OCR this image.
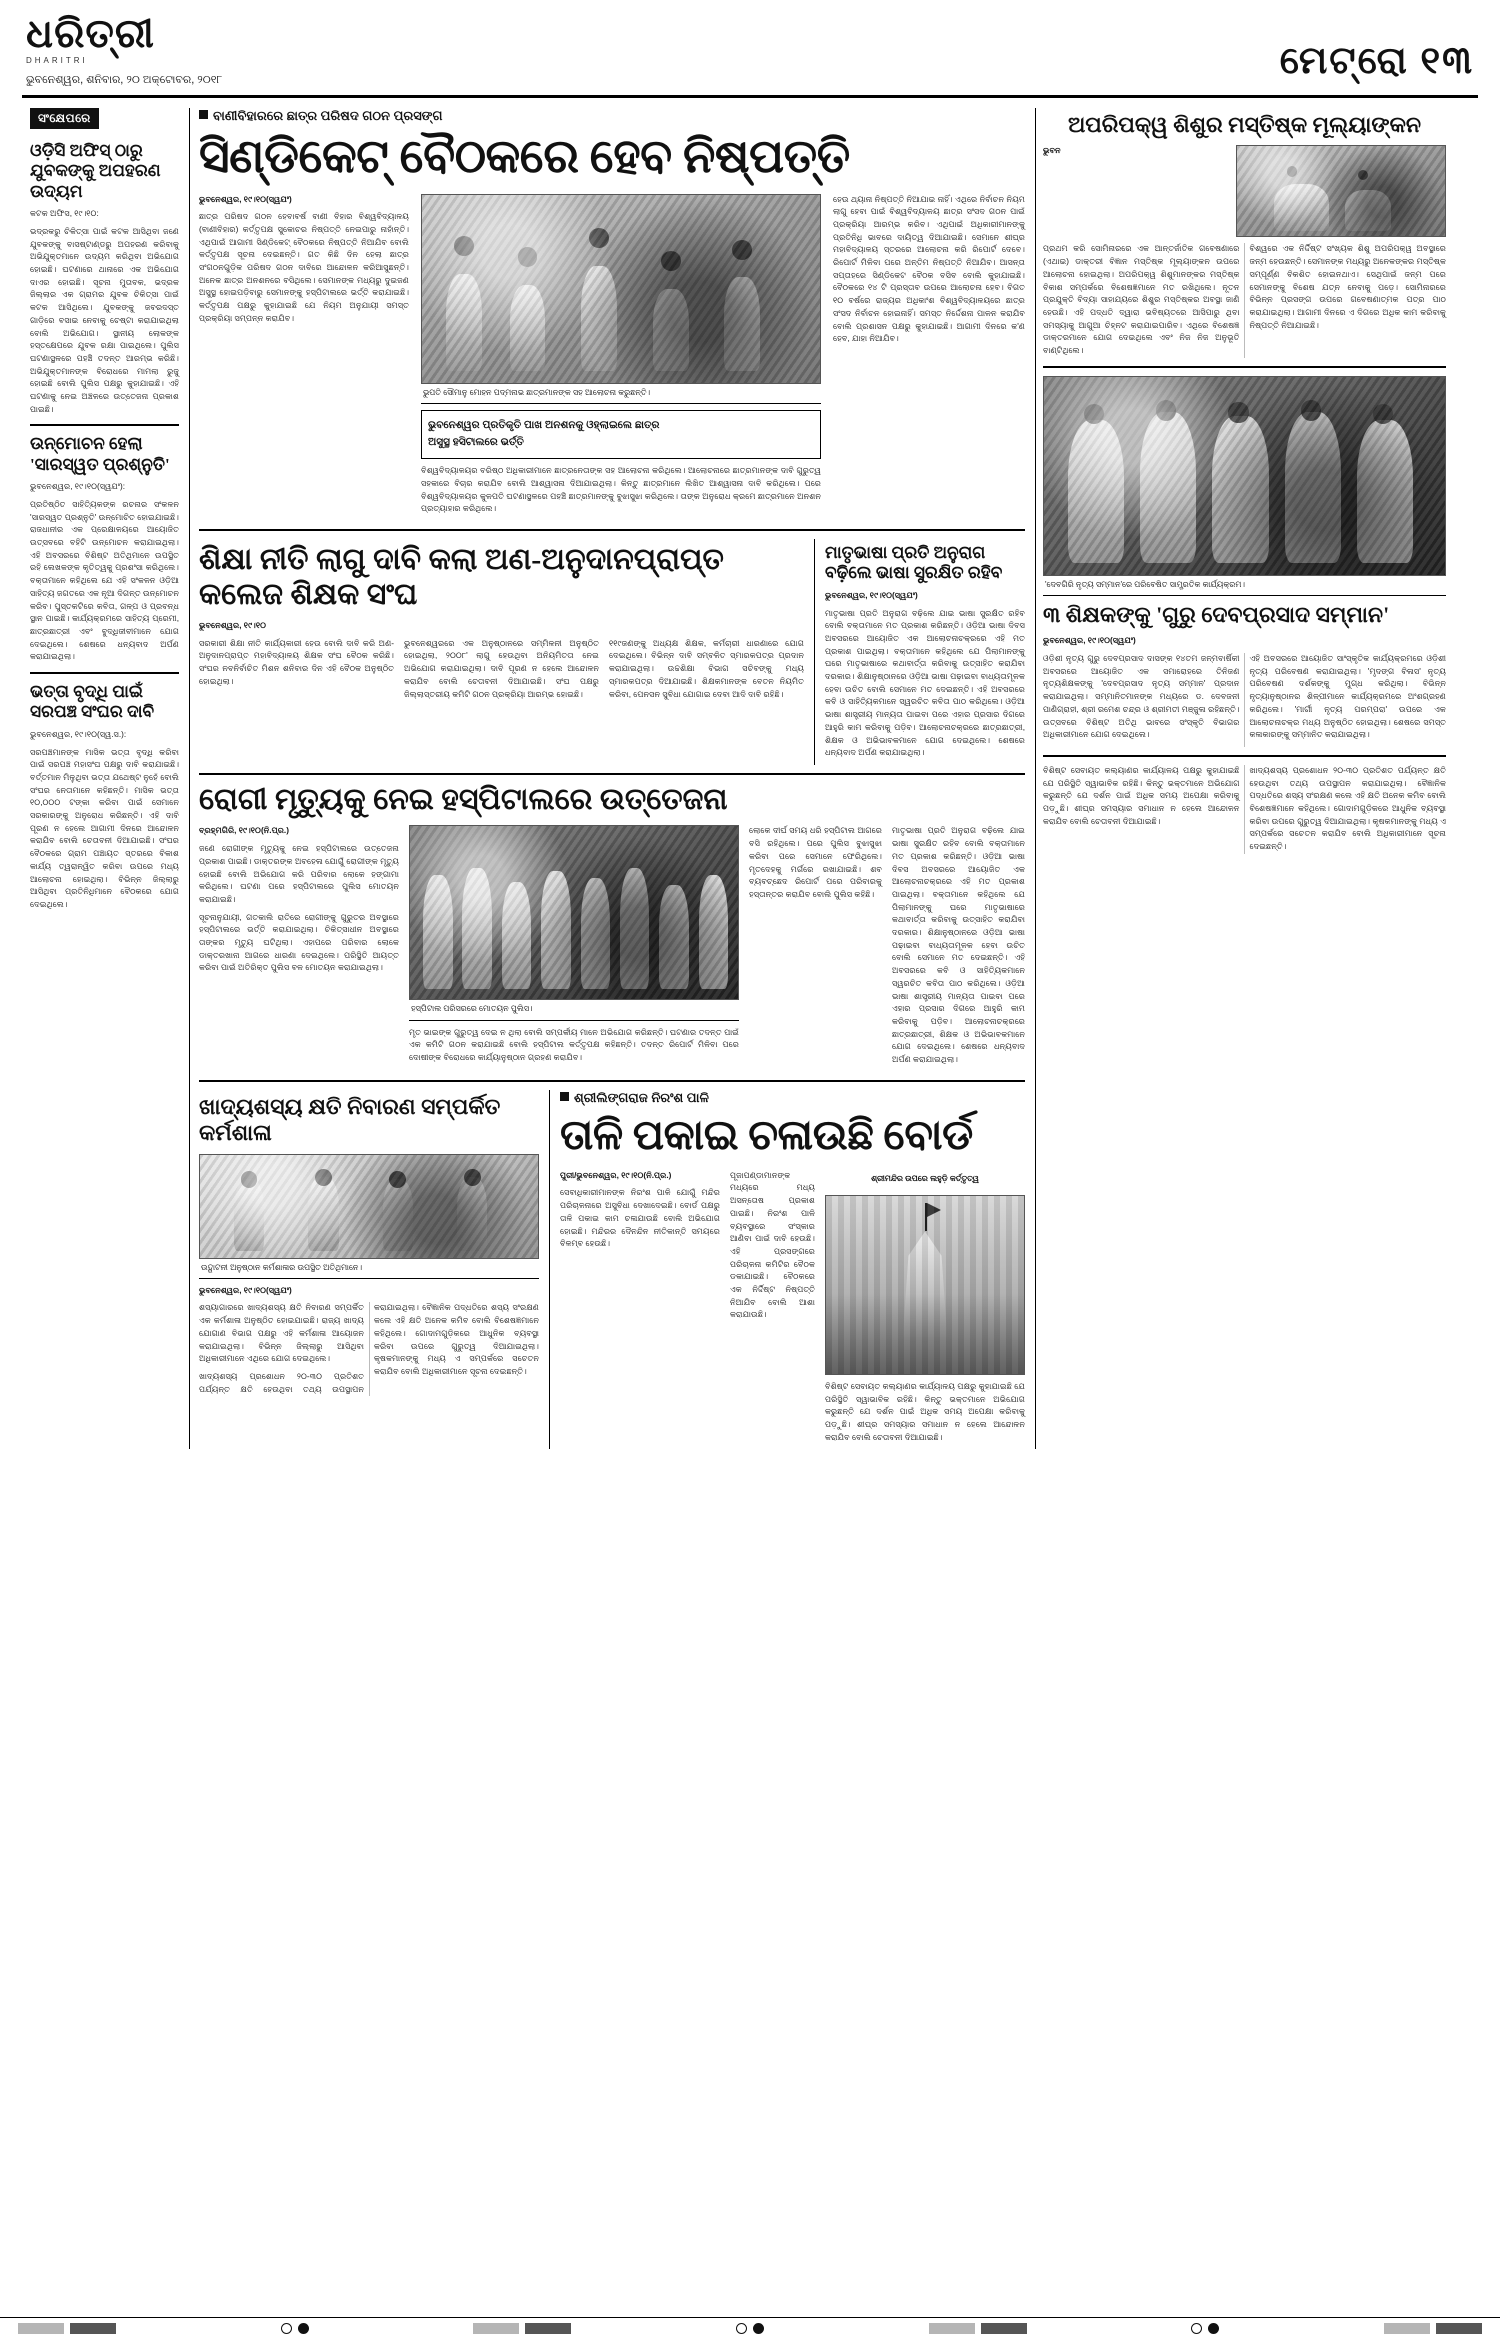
ଧରିତ୍ରୀ
DHARITRI
ଭୁବନେଶ୍ୱର, ଶନିବାର, ୨୦ ଅକ୍ଟୋବର, ୨୦୧୮	ମେଟ୍ରୋ ୧୩
ସଂକ୍ଷେପରେ
ଓଡ଼ିସି ଅଫିସ୍ ଠାରୁ ଯୁବକଙ୍କୁ ଅପହରଣ ଉଦ୍ୟମ
କଟକ ଅଫିସ, ୧୯।୧୦:
ଭଦ୍ରକରୁ ଚିକିତ୍ସା ପାଇଁ କଟକ ଆସିଥିବା ଜଣେ ଯୁବକଙ୍କୁ ବାସଷ୍ଟାଣ୍ଡରୁ ଅପହରଣ କରିବାକୁ ଅଭିଯୁକ୍ତମାନେ ଉଦ୍ୟମ କରିଥିବା ଅଭିଯୋଗ ହୋଇଛି। ଘଟଣାରେ ଥାନାରେ ଏକ ଅଭିଯୋଗ ଦାଏର ହୋଇଛି। ସୂଚନା ମୁତାବକ, ଭଦ୍ରକ ଜିଲ୍ଲାର ଏକ ଗ୍ରାମର ଯୁବକ ଚିକିତ୍ସା ପାଇଁ କଟକ ଆସିଥିଲେ। ଯୁବକଙ୍କୁ ଜବରଦସ୍ତ ଗାଡ଼ିରେ ବସାଇ ନେବାକୁ ଚେଷ୍ଟା କରାଯାଇଥିଲା ବୋଲି ଅଭିଯୋଗ। ସ୍ଥାନୀୟ ଲୋକଙ୍କ ହସ୍ତକ୍ଷେପରେ ଯୁବକ ରକ୍ଷା ପାଇଥିଲେ। ପୁଲିସ ଘଟଣାସ୍ଥଳରେ ପହଞ୍ଚି ତଦନ୍ତ ଆରମ୍ଭ କରିଛି। ଅଭିଯୁକ୍ତମାନଙ୍କ ବିରୋଧରେ ମାମଲା ରୁଜୁ ହୋଇଛି ବୋଲି ପୁଲିସ ପକ୍ଷରୁ କୁହାଯାଇଛି। ଏହି ଘଟଣାକୁ ନେଇ ଅଞ୍ଚଳରେ ଉତ୍ତେଜନା ପ୍ରକାଶ ପାଇଛି।
ଉନ୍ମୋଚନ ହେଲା 'ସାରସ୍ୱତ ପ୍ରଶ୍ନୁତି'
ଭୁବନେଶ୍ୱର, ୧୯।୧୦(ସ୍ୱଯଂ):
ପ୍ରତିଷ୍ଠିତ ସାହିତ୍ୟିକଙ୍କ ରଚନାର ସଂକଳନ 'ସାରସ୍ୱତ ପ୍ରଶ୍ନୁତି' ଉନ୍ମୋଚିତ ହୋଇଯାଇଛି। ରାଜଧାନୀର ଏକ ପ୍ରେକ୍ଷାଳୟରେ ଆୟୋଜିତ ଉତ୍ସବରେ ବହିଟି ଉନ୍ମୋଚନ କରାଯାଇଥିଲା। ଏହି ଅବସରରେ ବିଶିଷ୍ଟ ଅତିଥିମାନେ ଉପସ୍ଥିତ ରହି ଲେଖକଙ୍କ କୃତିତ୍ୱକୁ ପ୍ରଶଂସା କରିଥିଲେ। ବକ୍ତାମାନେ କହିଥିଲେ ଯେ ଏହି ସଂକଳନ ଓଡ଼ିଆ ସାହିତ୍ୟ ଜଗତରେ ଏକ ନୂଆ ଦିଗନ୍ତ ଉନ୍ମୋଚନ କରିବ। ପୁସ୍ତକଟିରେ କବିତା, ଗଳ୍ପ ଓ ପ୍ରବନ୍ଧ ସ୍ଥାନ ପାଇଛି। କାର୍ଯ୍ୟକ୍ରମରେ ସାହିତ୍ୟ ପ୍ରେମୀ, ଛାତ୍ରଛାତ୍ରୀ ଏବଂ ବୁଦ୍ଧିଜୀବୀମାନେ ଯୋଗ ଦେଇଥିଲେ। ଶେଷରେ ଧନ୍ୟବାଦ ଅର୍ପଣ କରାଯାଇଥିଲା।
ଭତ୍ତା ବୃଦ୍ଧି ପାଇଁ ସରପଞ୍ଚ ସଂଘର ଦାବି
ଭୁବନେଶ୍ୱର, ୧୯।୧୦(ସ୍ୱ.ସ.):
ସରପଞ୍ଚମାନଙ୍କ ମାସିକ ଭତ୍ତା ବୃଦ୍ଧି କରିବା ପାଇଁ ସରପଞ୍ଚ ମହାସଂଘ ପକ୍ଷରୁ ଦାବି କରାଯାଇଛି। ବର୍ତ୍ତମାନ ମିଳୁଥିବା ଭତ୍ତା ଯଥେଷ୍ଟ ନୁହେଁ ବୋଲି ସଂଘର ନେତାମାନେ କହିଛନ୍ତି। ମାସିକ ଭତ୍ତା ୧୦,୦୦୦ ଟଙ୍କା କରିବା ପାଇଁ ସେମାନେ ସରକାରଙ୍କୁ ଅନୁରୋଧ କରିଛନ୍ତି। ଏହି ଦାବି ପୂରଣ ନ ହେଲେ ଆଗାମୀ ଦିନରେ ଆନ୍ଦୋଳନ କରାଯିବ ବୋଲି ଚେତାବନୀ ଦିଆଯାଇଛି। ସଂଘର ବୈଠକରେ ଗ୍ରାମ ପଞ୍ଚାୟତ ସ୍ତରରେ ବିକାଶ କାର୍ଯ୍ୟ ତ୍ୱରାନ୍ୱିତ କରିବା ଉପରେ ମଧ୍ୟ ଆଲୋଚନା ହୋଇଥିଲା। ବିଭିନ୍ନ ଜିଲ୍ଲାରୁ ଆସିଥିବା ପ୍ରତିନିଧିମାନେ ବୈଠକରେ ଯୋଗ ଦେଇଥିଲେ।
ବାଣୀବିହାରରେ ଛାତ୍ର ପରିଷଦ ଗଠନ ପ୍ରସଙ୍ଗ
ସିଣ୍ଡିକେଟ୍ ବୈଠକରେ ହେବ ନିଷ୍ପତ୍ତି
ଭୁବନେଶ୍ୱର, ୧୯।୧୦(ସ୍ୱଯଂ)
ଛାତ୍ର ପରିଷଦ ଗଠନ ହେବାବର୍ଷ ବାଣୀ ବିହାର ବିଶ୍ୱବିଦ୍ୟାଳୟ (ବାଣୀବିହାର) କର୍ତ୍ତୃପକ୍ଷ ସୁକୋଚର ନିଷ୍ପତ୍ତି ନେଇପାରୁ ନାହାଁନ୍ତି। ଏଥିପାଇଁ ଆଗାମୀ ସିଣ୍ଡିକେଟ୍ ବୈଠକରେ ନିଷ୍ପତ୍ତି ନିଆଯିବ ବୋଲି କର୍ତ୍ତୃପକ୍ଷ ସୂଚନା ଦେଇଛନ୍ତି। ଗତ କିଛି ଦିନ ହେଲା ଛାତ୍ର ସଂଗଠନଗୁଡ଼ିକ ପରିଷଦ ଗଠନ ଦାବିରେ ଆନ୍ଦୋଳନ କରିଆସୁଛନ୍ତି। ଅନେକ ଛାତ୍ର ଅନଶନରେ ବସିଥିଲେ। ସେମାନଙ୍କ ମଧ୍ୟରୁ ଦୁଇଜଣ ଅସୁସ୍ଥ ହୋଇପଡ଼ିବାରୁ ସେମାନଙ୍କୁ ହସ୍ପିଟାଲରେ ଭର୍ତ୍ତି କରାଯାଇଛି। କର୍ତ୍ତୃପକ୍ଷ ପକ୍ଷରୁ କୁହାଯାଇଛି ଯେ ନିୟମ ଅନୁଯାୟୀ ସମସ୍ତ ପ୍ରକ୍ରିୟା ସମ୍ପନ୍ନ କରାଯିବ।
ଭୁପତି ସୌମାନୁ ମୋହନ ପଦ୍ମନାଭ ଛାତ୍ରମାନଙ୍କ ସହ ଆଲୋଚନା କରୁଛନ୍ତି।
ଭୁବନେଶ୍ୱର ପ୍ରତିକୃତି ପାଖ ଅନଶନକୁ ଓହ୍ଲାଇଲେ ଛାତ୍ର
ଅସୁସ୍ଥ ହସିଟାଲରେ ଭର୍ତ୍ତି
ବିଶ୍ୱବିଦ୍ୟାଳୟର ବରିଷ୍ଠ ଅଧିକାରୀମାନେ ଛାତ୍ରନେତାଙ୍କ ସହ ଆଲୋଚନା କରିଥିଲେ। ଆଲୋଚନାରେ ଛାତ୍ରମାନଙ୍କ ଦାବି ଗୁରୁତ୍ୱ ସହକାରେ ବିଚାର କରାଯିବ ବୋଲି ଆଶ୍ୱାସନା ଦିଆଯାଇଥିଲା। କିନ୍ତୁ ଛାତ୍ରମାନେ ଲିଖିତ ଆଶ୍ୱାସନା ଦାବି କରିଥିଲେ। ପରେ ବିଶ୍ୱବିଦ୍ୟାଳୟର କୁଳପତି ଘଟଣାସ୍ଥଳରେ ପହଞ୍ଚି ଛାତ୍ରମାନଙ୍କୁ ବୁଝାସୁଝା କରିଥିଲେ। ତାଙ୍କ ଅନୁରୋଧ କ୍ରମେ ଛାତ୍ରମାନେ ଅନଶନ ପ୍ରତ୍ୟାହାର କରିଥିଲେ।
ହେଉ ଥ୍ୟାନା ନିଷ୍ପତ୍ତି ନିଆଯାଇ ନାହିଁ। ଏଥିରେ ନିର୍ବାଚନ ନିୟମ ଲାଗୁ ହେବା ପାଇଁ ବିଶ୍ୱବିଦ୍ୟାଳୟ ଛାତ୍ର ସଂସଦ ଗଠନ ପାଇଁ ପ୍ରକ୍ରିୟା ଆରମ୍ଭ କରିବ। ଏଥିପାଇଁ ଅଧିକାରୀମାନଙ୍କୁ ପ୍ରତିନିଧି ଭାବରେ ଦାୟିତ୍ୱ ଦିଆଯାଇଛି। ସେମାନେ ଶୀଘ୍ର ମହାବିଦ୍ୟାଳୟ ସ୍ତରରେ ଆଲୋଚନା କରି ରିପୋର୍ଟ ଦେବେ। ରିପୋର୍ଟ ମିଳିବା ପରେ ଅନ୍ତିମ ନିଷ୍ପତ୍ତି ନିଆଯିବ। ଆସନ୍ତା ସପ୍ତାହରେ ସିଣ୍ଡିକେଟ ବୈଠକ ବସିବ ବୋଲି କୁହାଯାଇଛି। ବୈଠକରେ ୧୪ ଟି ପ୍ରସ୍ତାବ ଉପରେ ଆଲୋଚନା ହେବ। ବିଗତ ୧୦ ବର୍ଷରେ ରାଜ୍ୟର ଅଧିକାଂଶ ବିଶ୍ୱବିଦ୍ୟାଳୟରେ ଛାତ୍ର ସଂସଦ ନିର୍ବାଚନ ହୋଇନାହିଁ। ସମସ୍ତ ନିର୍ଦ୍ଦେଶନା ପାଳନ କରାଯିବ ବୋଲି ପ୍ରଶାସନ ପକ୍ଷରୁ କୁହାଯାଇଛି। ଆଗାମୀ ଦିନରେ କ'ଣ ହେବ, ଯାହା ନିଆଯିବ।
ଶିକ୍ଷା ନୀତି ଲାଗୁ ଦାବି କଲା ଅଣ-ଅନୁଦାନପ୍ରାପ୍ତ କଲେଜ ଶିକ୍ଷକ ସଂଘ
ଭୁବନେଶ୍ୱର, ୧୯।୧୦
ସରକାରୀ ଶିକ୍ଷା ନୀତି କାର୍ଯ୍ୟକାରୀ ହେଉ ବୋଲି ଦାବି କରି ଅଣ-ଅନୁଦାନପ୍ରାପ୍ତ ମହାବିଦ୍ୟାଳୟ ଶିକ୍ଷକ ସଂଘ ବୈଠକ କରିଛି। ସଂଘର ନବନିର୍ବାଚିତ ମିଶନ ଶନିବାର ଦିନ ଏହି ବୈଠକ ଅନୁଷ୍ଠିତ ହୋଇଥିଲା।
ଭୁବନେଶ୍ୱରରେ ଏକ ଅନୁଷ୍ଠାନରେ ସମ୍ମିଳନୀ ଅନୁଷ୍ଠିତ ହୋଇଥିଲା, ୨୦୦୮' ଲାଗୁ ହେଉଥିବା ଅନିୟମିତତା ନେଇ ଅଭିଯୋଗ କରାଯାଇଥିଲା। ଦାବି ପୂରଣ ନ ହେଲେ ଆନ୍ଦୋଳନ କରାଯିବ ବୋଲି ଚେତାବନୀ ଦିଆଯାଇଛି। ସଂଘ ପକ୍ଷରୁ ଜିଲ୍ଲାସ୍ତରୀୟ କମିଟି ଗଠନ ପ୍ରକ୍ରିୟା ଆରମ୍ଭ ହୋଇଛି।
୧୧୯ଜଣଙ୍କୁ ଅଧ୍ୟକ୍ଷ ଶିକ୍ଷକ, କର୍ମଚାରୀ ଧାରଣାରେ ଯୋଗ ଦେଇଥିଲେ। ବିଭିନ୍ନ ଦାବି ସମ୍ବଳିତ ସ୍ମାରକପତ୍ର ପ୍ରଦାନ କରାଯାଇଥିଲା। ଉଚ୍ଚଶିକ୍ଷା ବିଭାଗ ସଚିବଙ୍କୁ ମଧ୍ୟ ସ୍ମାରକପତ୍ର ଦିଆଯାଇଛି। ଶିକ୍ଷକମାନଙ୍କ ବେତନ ନିୟମିତ କରିବା, ପେନସନ ସୁବିଧା ଯୋଗାଇ ଦେବା ଆଦି ଦାବି ରହିଛି।
ମାତୃଭାଷା ପ୍ରତି ଅନୁରାଗ ବଢ଼ିଲେ ଭାଷା ସୁରକ୍ଷିତ ରହିବ
ଭୁବନେଶ୍ୱର, ୧୯।୧୦(ସ୍ୱଯଂ)
ମାତୃଭାଷା ପ୍ରତି ଅନୁରାଗ ବଢ଼ିଲେ ଯାଇ ଭାଷା ସୁରକ୍ଷିତ ରହିବ ବୋଲି ବକ୍ତାମାନେ ମତ ପ୍ରକାଶ କରିଛନ୍ତି। ଓଡ଼ିଆ ଭାଷା ଦିବସ ଅବସରରେ ଆୟୋଜିତ ଏକ ଆଲୋଚନାଚକ୍ରରେ ଏହି ମତ ପ୍ରକାଶ ପାଇଥିଲା। ବକ୍ତାମାନେ କହିଥିଲେ ଯେ ପିଲାମାନଙ୍କୁ ଘରେ ମାତୃଭାଷାରେ କଥାବାର୍ତ୍ତା କରିବାକୁ ଉତ୍ସାହିତ କରାଯିବା ଦରକାର। ଶିକ୍ଷାନୁଷ୍ଠାନରେ ଓଡ଼ିଆ ଭାଷା ପଢ଼ାଇବା ବାଧ୍ୟତାମୂଳକ ହେବା ଉଚିତ ବୋଲି ସେମାନେ ମତ ଦେଇଛନ୍ତି। ଏହି ଅବସରରେ କବି ଓ ସାହିତ୍ୟିକମାନେ ସ୍ୱରଚିତ କବିତା ପାଠ କରିଥିଲେ। ଓଡ଼ିଆ ଭାଷା ଶାସ୍ତ୍ରୀୟ ମାନ୍ୟତା ପାଇବା ପରେ ଏହାର ପ୍ରସାର ଦିଗରେ ଆହୁରି କାମ କରିବାକୁ ପଡ଼ିବ। ଆଲୋଚନାଚକ୍ରରେ ଛାତ୍ରଛାତ୍ରୀ, ଶିକ୍ଷକ ଓ ଅଭିଭାବକମାନେ ଯୋଗ ଦେଇଥିଲେ। ଶେଷରେ ଧନ୍ୟବାଦ ଅର୍ପଣ କରାଯାଇଥିଲା।
ରୋଗୀ ମୃତ୍ୟୁକୁ ନେଇ ହସ୍ପିଟାଲରେ ଉତ୍ତେଜନା
ବ୍ରହ୍ମଗିରି, ୧୯।୧୦(ନି.ପ୍ର.)
ଜଣେ ରୋଗୀଙ୍କ ମୃତ୍ୟୁକୁ ନେଇ ହସ୍ପିଟାଲରେ ଉତ୍ତେଜନା ପ୍ରକାଶ ପାଇଛି। ଡାକ୍ତରଙ୍କ ଅବହେଳା ଯୋଗୁଁ ରୋଗୀଙ୍କ ମୃତ୍ୟୁ ହୋଇଛି ବୋଲି ଅଭିଯୋଗ କରି ପରିବାର ଲୋକେ ହଙ୍ଗାମା କରିଥିଲେ। ଘଟଣା ପରେ ହସ୍ପିଟାଲରେ ପୁଲିସ ମୋତୟନ କରାଯାଇଛି।
ସୂଚନାନୁଯାୟୀ, ଗତକାଲି ରାତିରେ ରୋଗୀଙ୍କୁ ଗୁରୁତର ଅବସ୍ଥାରେ ହସ୍ପିଟାଲରେ ଭର୍ତ୍ତି କରାଯାଇଥିଲା। ଚିକିତ୍ସାଧୀନ ଅବସ୍ଥାରେ ତାଙ୍କର ମୃତ୍ୟୁ ଘଟିଥିଲା। ଏହାପରେ ପରିବାର ଲୋକେ ଡାକ୍ତରଖାନା ଆଗରେ ଧାରଣା ଦେଇଥିଲେ। ପରିସ୍ଥିତି ଆୟତ୍ତ କରିବା ପାଇଁ ଅତିରିକ୍ତ ପୁଲିସ ବଳ ମୋତୟନ କରାଯାଇଥିଲା।
ହସ୍ପିଟାଲ ପରିସରରେ ମୋତୟନ ପୁଲିସ।
ମୃତ ଭାଇଙ୍କ ଗୁରୁତ୍ୱ ଦେଇ ନ ଥିଲା ବୋଲି ସମ୍ପର୍କୀୟ ମାନେ ଅଭିଯୋଗ କରିଛନ୍ତି। ଘଟଣାର ତଦନ୍ତ ପାଇଁ ଏକ କମିଟି ଗଠନ କରାଯାଇଛି ବୋଲି ହସ୍ପିଟାଲ କର୍ତ୍ତୃପକ୍ଷ କହିଛନ୍ତି। ତଦନ୍ତ ରିପୋର୍ଟ ମିଳିବା ପରେ ଦୋଷୀଙ୍କ ବିରୋଧରେ କାର୍ଯ୍ୟାନୁଷ୍ଠାନ ଗ୍ରହଣ କରାଯିବ।
ଲୋକେ ଦୀର୍ଘ ସମୟ ଧରି ହସ୍ପିଟାଲ ଆଗରେ ବସି ରହିଥିଲେ। ପରେ ପୁଲିସ ବୁଝାସୁଝା କରିବା ପରେ ସେମାନେ ଫେରିଥିଲେ। ମୃତଦେହକୁ ମର୍ଗରେ ରଖାଯାଇଛି। ଶବ ବ୍ୟବଚ୍ଛେଦ ରିପୋର୍ଟ ପରେ ପରିବାରକୁ ହସ୍ତାନ୍ତର କରାଯିବ ବୋଲି ପୁଲିସ କହିଛି।
ମାତୃଭାଷା ପ୍ରତି ଅନୁରାଗ ବଢ଼ିଲେ ଯାଇ ଭାଷା ସୁରକ୍ଷିତ ରହିବ ବୋଲି ବକ୍ତାମାନେ ମତ ପ୍ରକାଶ କରିଛନ୍ତି। ଓଡ଼ିଆ ଭାଷା ଦିବସ ଅବସରରେ ଆୟୋଜିତ ଏକ ଆଲୋଚନାଚକ୍ରରେ ଏହି ମତ ପ୍ରକାଶ ପାଇଥିଲା। ବକ୍ତାମାନେ କହିଥିଲେ ଯେ ପିଲାମାନଙ୍କୁ ଘରେ ମାତୃଭାଷାରେ କଥାବାର୍ତ୍ତା କରିବାକୁ ଉତ୍ସାହିତ କରାଯିବା ଦରକାର। ଶିକ୍ଷାନୁଷ୍ଠାନରେ ଓଡ଼ିଆ ଭାଷା ପଢ଼ାଇବା ବାଧ୍ୟତାମୂଳକ ହେବା ଉଚିତ ବୋଲି ସେମାନେ ମତ ଦେଇଛନ୍ତି। ଏହି ଅବସରରେ କବି ଓ ସାହିତ୍ୟିକମାନେ ସ୍ୱରଚିତ କବିତା ପାଠ କରିଥିଲେ। ଓଡ଼ିଆ ଭାଷା ଶାସ୍ତ୍ରୀୟ ମାନ୍ୟତା ପାଇବା ପରେ ଏହାର ପ୍ରସାର ଦିଗରେ ଆହୁରି କାମ କରିବାକୁ ପଡ଼ିବ। ଆଲୋଚନାଚକ୍ରରେ ଛାତ୍ରଛାତ୍ରୀ, ଶିକ୍ଷକ ଓ ଅଭିଭାବକମାନେ ଯୋଗ ଦେଇଥିଲେ। ଶେଷରେ ଧନ୍ୟବାଦ ଅର୍ପଣ କରାଯାଇଥିଲା।
ଖାଦ୍ୟଶସ୍ୟ କ୍ଷତି ନିବାରଣ ସମ୍ପର୍କିତ କର୍ମଶାଳା
ଉଦ୍ଘାଟନୀ ଅନୁଷ୍ଠାନ କର୍ମଶାଳାର ଉପସ୍ଥିତ ଅତିଥିମାନେ।
ଭୁବନେଶ୍ୱର, ୧୯।୧୦(ସ୍ୱଯଂ)
ଶସ୍ୟାଗାରରେ ଖାଦ୍ୟଶସ୍ୟ କ୍ଷତି ନିବାରଣ ସମ୍ପର୍କିତ ଏକ କର୍ମଶାଳା ଅନୁଷ୍ଠିତ ହୋଇଯାଇଛି। ରାଜ୍ୟ ଖାଦ୍ୟ ଯୋଗାଣ ବିଭାଗ ପକ୍ଷରୁ ଏହି କର୍ମଶାଳା ଆୟୋଜନ କରାଯାଇଥିଲା। ବିଭିନ୍ନ ଜିଲ୍ଲାରୁ ଆସିଥିବା ଅଧିକାରୀମାନେ ଏଥିରେ ଯୋଗ ଦେଇଥିଲେ।
ଖାଦ୍ୟଶସ୍ୟ ପ୍ରଶୋଧନ ୨୦-୩୦ ପ୍ରତିଶତ ପର୍ଯ୍ୟନ୍ତ କ୍ଷତି ହେଉଥିବା ତଥ୍ୟ ଉପସ୍ଥାପନ କରାଯାଇଥିଲା। ବୈଜ୍ଞାନିକ ପଦ୍ଧତିରେ ଶସ୍ୟ ସଂରକ୍ଷଣ କଲେ ଏହି କ୍ଷତି ଅନେକ କମିବ ବୋଲି ବିଶେଷଜ୍ଞମାନେ କହିଥିଲେ। ଗୋଦାମଗୁଡ଼ିକରେ ଆଧୁନିକ ବ୍ୟବସ୍ଥା କରିବା ଉପରେ ଗୁରୁତ୍ୱ ଦିଆଯାଇଥିଲା। କୃଷକମାନଙ୍କୁ ମଧ୍ୟ ଏ ସମ୍ପର୍କରେ ସଚେତନ କରାଯିବ ବୋଲି ଅଧିକାରୀମାନେ ସୂଚନା ଦେଇଛନ୍ତି।
ଶ୍ରୀଲିଙ୍ଗରାଜ ନିରଂଶ ପାଳି
ତାଳି ପକାଇ ଚଳାଉଛି ବୋର୍ଡ
ପୁରୀ/ଭୁବନେଶ୍ୱର, ୧୯।୧୦(ନି.ପ୍ର.)
ସେବାଧିକାରୀମାନଙ୍କ ନିରଂଶ ପାଳି ଯୋଗୁଁ ମନ୍ଦିର ପରିଚାଳନାରେ ଅସୁବିଧା ଦେଖାଦେଇଛି। ବୋର୍ଡ ପକ୍ଷରୁ ତାଳି ପକାଇ କାମ ଚଳାଯାଉଛି ବୋଲି ଅଭିଯୋଗ ହୋଇଛି। ମନ୍ଦିରର ଦୈନନ୍ଦିନ ନୀତିକାନ୍ତି ସମୟରେ ବିଳମ୍ବ ହେଉଛି।
ପୂଜାପଣ୍ଡାମାନଙ୍କ ମଧ୍ୟରେ ମଧ୍ୟ ଅସନ୍ତୋଷ ପ୍ରକାଶ ପାଇଛି। ନିରଂଶ ପାଳି ବ୍ୟବସ୍ଥାରେ ସଂସ୍କାର ଆଣିବା ପାଇଁ ଦାବି ହେଉଛି। ଏହି ପ୍ରସଙ୍ଗରେ ପରିଚାଳନା କମିଟିର ବୈଠକ ଡକାଯାଇଛି। ବୈଠକରେ ଏକ ନିର୍ଦ୍ଦିଷ୍ଟ ନିଷ୍ପତ୍ତି ନିଆଯିବ ବୋଲି ଆଶା କରାଯାଉଛି।
ଶ୍ରୀମନ୍ଦିର ଉପରେ ଲହୁଡ଼ି କର୍ତ୍ତୃତ୍ୱ
ବିଶିଷ୍ଟ ସେବାୟତ କଲ୍ୟାଣର କାର୍ଯ୍ୟାଳୟ ପକ୍ଷରୁ କୁହାଯାଇଛି ଯେ ପରିସ୍ଥିତି ସ୍ୱାଭାବିକ ରହିଛି। କିନ୍ତୁ ଭକ୍ତମାନେ ଅଭିଯୋଗ କରୁଛନ୍ତି ଯେ ଦର୍ଶନ ପାଇଁ ଅଧିକ ସମୟ ଅପେକ୍ଷା କରିବାକୁ ପଡ଼ୁଛି। ଶୀଘ୍ର ସମସ୍ୟାର ସମାଧାନ ନ ହେଲେ ଆନ୍ଦୋଳନ କରାଯିବ ବୋଲି ଚେତାବନୀ ଦିଆଯାଇଛି।
ଅପରିପକ୍ୱ ଶିଶୁର ମସ୍ତିଷ୍କ ମୂଲ୍ୟାଙ୍କନ
ଭୁବନ
ପ୍ରଥମ କରି ସୋମିନାରରେ ଏକ ଆନ୍ତର୍ଜାତିକ ଗବେଷଣାରେ (ଏଥାଇ) ଡାକ୍ତରୀ ବିଜ୍ଞାନ ମସ୍ତିଷ୍କ ମୂଲ୍ୟାଙ୍କନ ଉପରେ ଆଲୋଚନା ହୋଇଥିଲା। ଅପରିପକ୍ୱ ଶିଶୁମାନଙ୍କର ମସ୍ତିଷ୍କ ବିକାଶ ସମ୍ପର୍କରେ ବିଶେଷଜ୍ଞମାନେ ମତ ରଖିଥିଲେ। ନୂତନ ପ୍ରଯୁକ୍ତି ବିଦ୍ୟା ସାହାଯ୍ୟରେ ଶିଶୁର ମସ୍ତିଷ୍କର ଅବସ୍ଥା ଜାଣି ହେଉଛି। ଏହି ପଦ୍ଧତି ଦ୍ୱାରା ଭବିଷ୍ୟତରେ ଆସିପାରୁ ଥିବା ସମସ୍ୟାକୁ ଆଗୁଆ ଚିହ୍ନଟ କରାଯାଇପାରିବ। ଏଥିରେ ବିଶେଷଜ୍ଞ ଡାକ୍ତରମାନେ ଯୋଗ ଦେଇଥିଲେ ଏବଂ ନିଜ ନିଜ ଅନୁଭୂତି ବାଣ୍ଟିଥିଲେ।
ବିଶ୍ୱରେ ଏକ ନିର୍ଦ୍ଦିଷ୍ଟ ସଂଖ୍ୟକ ଶିଶୁ ଅପରିପକ୍ୱ ଅବସ୍ଥାରେ ଜନ୍ମ ହେଉଛନ୍ତି। ସେମାନଙ୍କ ମଧ୍ୟରୁ ଅନେକଙ୍କର ମସ୍ତିଷ୍କ ସମ୍ପୂର୍ଣ୍ଣ ବିକଶିତ ହୋଇନଥାଏ। ସେଥିପାଇଁ ଜନ୍ମ ପରେ ସେମାନଙ୍କୁ ବିଶେଷ ଯତ୍ନ ନେବାକୁ ପଡ଼େ। ସୋମିନାରରେ ବିଭିନ୍ନ ପ୍ରସଙ୍ଗ ଉପରେ ଗବେଷଣାତ୍ମକ ପତ୍ର ପାଠ କରାଯାଇଥିଲା। ଆଗାମୀ ଦିନରେ ଏ ଦିଗରେ ଅଧିକ କାମ କରିବାକୁ ନିଷ୍ପତ୍ତି ନିଆଯାଇଛି।
'ଦେବଗିରି ନୃତ୍ୟ ସମ୍ମାନ'ରେ ପରିବେଷିତ ସାମ୍ପ୍ରତିକ କାର୍ଯ୍ୟକ୍ରମ।
୩ ଶିକ୍ଷକଙ୍କୁ 'ଗୁରୁ ଦେବପ୍ରସାଦ ସମ୍ମାନ'
ଭୁବନେଶ୍ୱର, ୧୯।୧୦(ସ୍ୱଯଂ)
ଓଡ଼ିଶୀ ନୃତ୍ୟ ଗୁରୁ ଦେବପ୍ରସାଦ ଦାସଙ୍କ ୧୪ତମ ଜନ୍ମବାର୍ଷିକୀ ଅବସରରେ ଆୟୋଜିତ ଏକ ସମାରୋହରେ ତିନିଜଣ ନୃତ୍ୟଶିକ୍ଷକଙ୍କୁ 'ଦେବପ୍ରସାଦ ନୃତ୍ୟ ସମ୍ମାନ' ପ୍ରଦାନ କରାଯାଇଥିଲା। ସମ୍ମାନିତମାନଙ୍କ ମଧ୍ୟରେ ଡ. ଦେବଜନୀ ପାଣିଗ୍ରାହୀ, ଶ୍ରୀ ରମେଶ ଚନ୍ଦ୍ର ଓ ଶ୍ରୀମତୀ ମଞ୍ଜୁଳା ରହିଛନ୍ତି। ଉତ୍ସବରେ ବିଶିଷ୍ଟ ଅତିଥି ଭାବରେ ସଂସ୍କୃତି ବିଭାଗର ଅଧିକାରୀମାନେ ଯୋଗ ଦେଇଥିଲେ।
ଏହି ଅବସରରେ ଆୟୋଜିତ ସାଂସ୍କୃତିକ କାର୍ଯ୍ୟକ୍ରମରେ ଓଡ଼ିଶୀ ନୃତ୍ୟ ପରିବେଷଣ କରାଯାଇଥିଲା। 'ମୃଦଙ୍ଗ ବିଳାସ' ନୃତ୍ୟ ପରିବେଷଣ ଦର୍ଶକଙ୍କୁ ମୁଗ୍ଧ କରିଥିଲା। ବିଭିନ୍ନ ନୃତ୍ୟାନୁଷ୍ଠାନର ଶିଳ୍ପୀମାନେ କାର୍ଯ୍ୟକ୍ରମରେ ଅଂଶଗ୍ରହଣ କରିଥିଲେ। 'ମାର୍ଗୀ ନୃତ୍ୟ ପରମ୍ପରା' ଉପରେ ଏକ ଆଲୋଚନାଚକ୍ର ମଧ୍ୟ ଅନୁଷ୍ଠିତ ହୋଇଥିଲା। ଶେଷରେ ସମସ୍ତ କଳାକାରଙ୍କୁ ସମ୍ମାନିତ କରାଯାଇଥିଲା।
ବିଶିଷ୍ଟ ସେବାୟତ କଲ୍ୟାଣର କାର୍ଯ୍ୟାଳୟ ପକ୍ଷରୁ କୁହାଯାଇଛି ଯେ ପରିସ୍ଥିତି ସ୍ୱାଭାବିକ ରହିଛି। କିନ୍ତୁ ଭକ୍ତମାନେ ଅଭିଯୋଗ କରୁଛନ୍ତି ଯେ ଦର୍ଶନ ପାଇଁ ଅଧିକ ସମୟ ଅପେକ୍ଷା କରିବାକୁ ପଡ଼ୁଛି। ଶୀଘ୍ର ସମସ୍ୟାର ସମାଧାନ ନ ହେଲେ ଆନ୍ଦୋଳନ କରାଯିବ ବୋଲି ଚେତାବନୀ ଦିଆଯାଇଛି।
ଖାଦ୍ୟଶସ୍ୟ ପ୍ରଶୋଧନ ୨୦-୩୦ ପ୍ରତିଶତ ପର୍ଯ୍ୟନ୍ତ କ୍ଷତି ହେଉଥିବା ତଥ୍ୟ ଉପସ୍ଥାପନ କରାଯାଇଥିଲା। ବୈଜ୍ଞାନିକ ପଦ୍ଧତିରେ ଶସ୍ୟ ସଂରକ୍ଷଣ କଲେ ଏହି କ୍ଷତି ଅନେକ କମିବ ବୋଲି ବିଶେଷଜ୍ଞମାନେ କହିଥିଲେ। ଗୋଦାମଗୁଡ଼ିକରେ ଆଧୁନିକ ବ୍ୟବସ୍ଥା କରିବା ଉପରେ ଗୁରୁତ୍ୱ ଦିଆଯାଇଥିଲା। କୃଷକମାନଙ୍କୁ ମଧ୍ୟ ଏ ସମ୍ପର୍କରେ ସଚେତନ କରାଯିବ ବୋଲି ଅଧିକାରୀମାନେ ସୂଚନା ଦେଇଛନ୍ତି।
